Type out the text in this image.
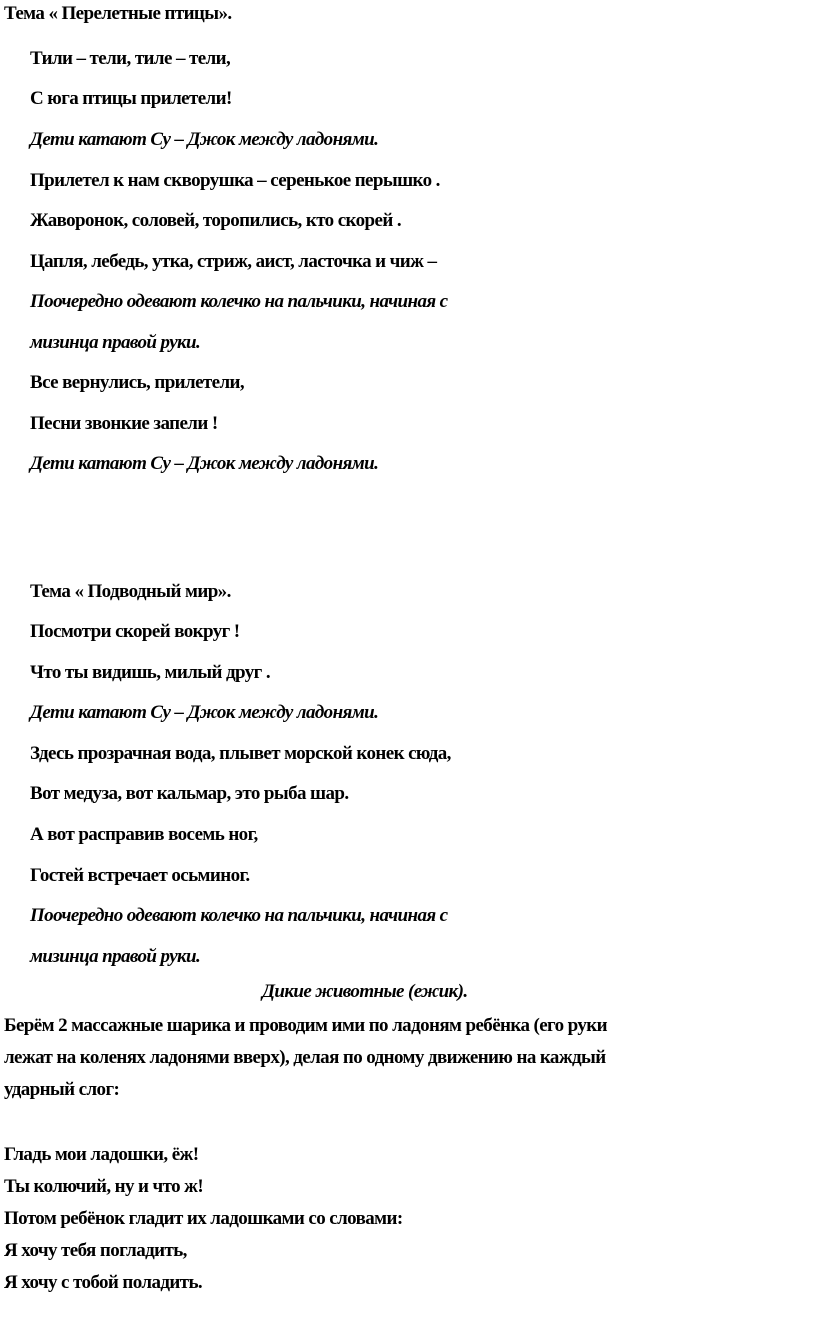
Тема « Перелетные птицы».
Тили – тели, тиле – тели,
С юга птицы прилетели!
Дети катают Су – Джок между ладонями.
Прилетел к нам скворушка – серенькое перышко .
Жаворонок, соловей, торопились, кто скорей .
Цапля, лебедь, утка, стриж, аист, ласточка и чиж –
Поочередно одевают колечко на пальчики, начиная с
мизинца правой руки.
Все вернулись, прилетели,
Песни звонкие запели !
Дети катают Су – Джок между ладонями.
Тема « Подводный мир».
Посмотри скорей вокруг !
Что ты видишь, милый друг .
Дети катают Су – Джок между ладонями.
Здесь прозрачная вода, плывет морской конек сюда,
Вот медуза, вот кальмар, это рыба шар.
А вот расправив восемь ног,
Гостей встречает осьминог.
Поочередно одевают колечко на пальчики, начиная с
мизинца правой руки.
Дикие животные (ежик).
Берём 2 массажные шарика и проводим ими по ладоням ребёнка (его руки
лежат на коленях ладонями вверх), делая по одному движению на каждый
ударный слог:
Гладь мои ладошки, ёж!
Ты колючий, ну и что ж!
Потом ребёнок гладит их ладошками со словами:
Я хочу тебя погладить,
Я хочу с тобой поладить.
